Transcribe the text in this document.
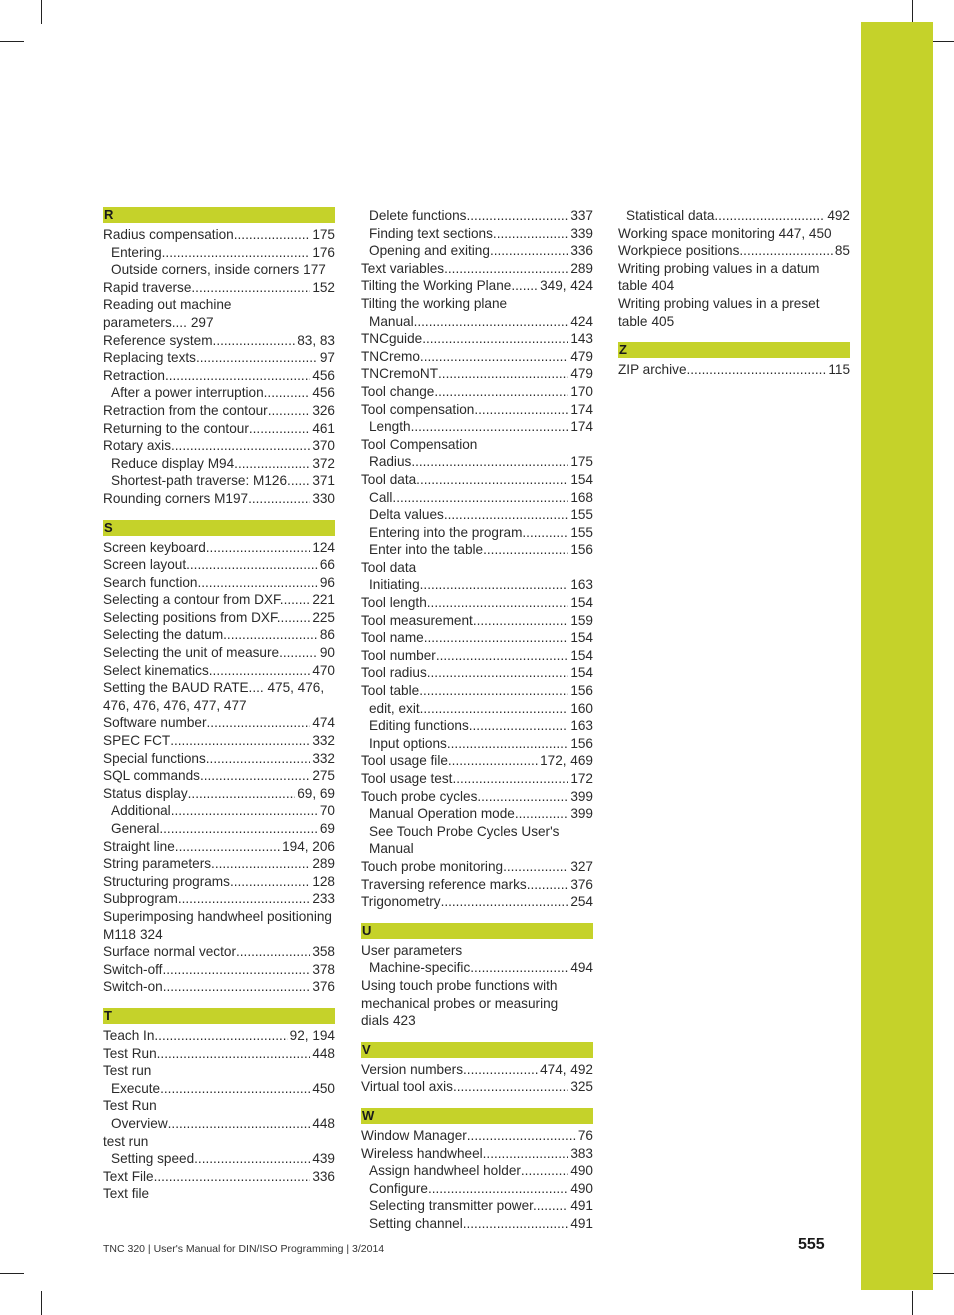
R
Radius compensation .....	175
Entering .....	176
Outside corners, inside corners 177
Rapid traverse .....	152
Reading out machine parameters.... 297
Reference system .....	83, 83
Replacing texts .....	97
Retraction .....	456
After a power interruption .....	456
Retraction from the contour .....	326
Returning to the contour .....	461
Rotary axis .....	370
Reduce display M94 .....	372
Shortest-path traverse: M126. ..... 371
Rounding corners M197 .....	330
S
Screen keyboard .....	124
Screen layout .....	66
Search function .....	96
Selecting a contour from DXF.. ..... 221
Selecting positions from DXF... ..... 225
Selecting the datum .....	86
Selecting the unit of measure.... ..... 90
Select kinematics .....	470
Setting the BAUD RATE.... 475, 476, 476, 476, 476, 477, 477
Software number .....	474
SPEC FCT .....	332
Special functions .....	332
SQL commands .....	275
Status display .....	69, 69
Additional .....	70
General .....	69
Straight line .....	194, 206
String parameters .....	289
Structuring programs .....	128
Subprogram .....	233
Superimposing handwheel positioning M118 324
Surface normal vector .....	358
Switch-off .....	378
Switch-on .....	376
T
Teach In .....	92, 194
Test Run .....	448
Test run
Execute .....	450
Test Run
Overview .....	448
test run
Setting speed .....	439
Text File .....	336
Text file
Delete functions .....	337
Finding text sections .....	339
Opening and exiting .....	336
Text variables .....	289
Tilting the Working Plane.. ..... 349, 424
Tilting the working plane
Manual .....	424
TNCguide .....	143
TNCremo .....	479
TNCremoNT .....	479
Tool change .....	170
Tool compensation .....	174
Length .....	174
Tool Compensation
Radius .....	175
Tool data .....	154
Call .....	168
Delta values .....	155
Entering into the program .....	155
Enter into the table .....	156
Tool data
Initiating .....	163
Tool length .....	154
Tool measurement .....	159
Tool name .....	154
Tool number .....	154
Tool radius .....	154
Tool table .....	156
edit, exit .....	160
Editing functions .....	163
Input options .....	156
Tool usage file .....	172, 469
Tool usage test .....	172
Touch probe cycles .....	399
Manual Operation mode .....	399
See Touch Probe Cycles User's Manual
Touch probe monitoring .....	327
Traversing reference marks .....	376
Trigonometry .....	254
U
User parameters
Machine-specific .....	494
Using touch probe functions with mechanical probes or measuring dials 423
V
Version numbers .....	474, 492
Virtual tool axis .....	325
W
Window Manager .....	76
Wireless handwheel .....	383
Assign handwheel holder .....	490
Configure .....	490
Selecting transmitter power... ..... 491
Setting channel .....	491
Statistical data .....	492
Working space monitoring 447, 450
Workpiece positions .....	85
Writing probing values in a datum table 404
Writing probing values in a preset table 405
Z
ZIP archive .....	115
TNC 320 | User's Manual for DIN/ISO Programming | 3/2014	555
